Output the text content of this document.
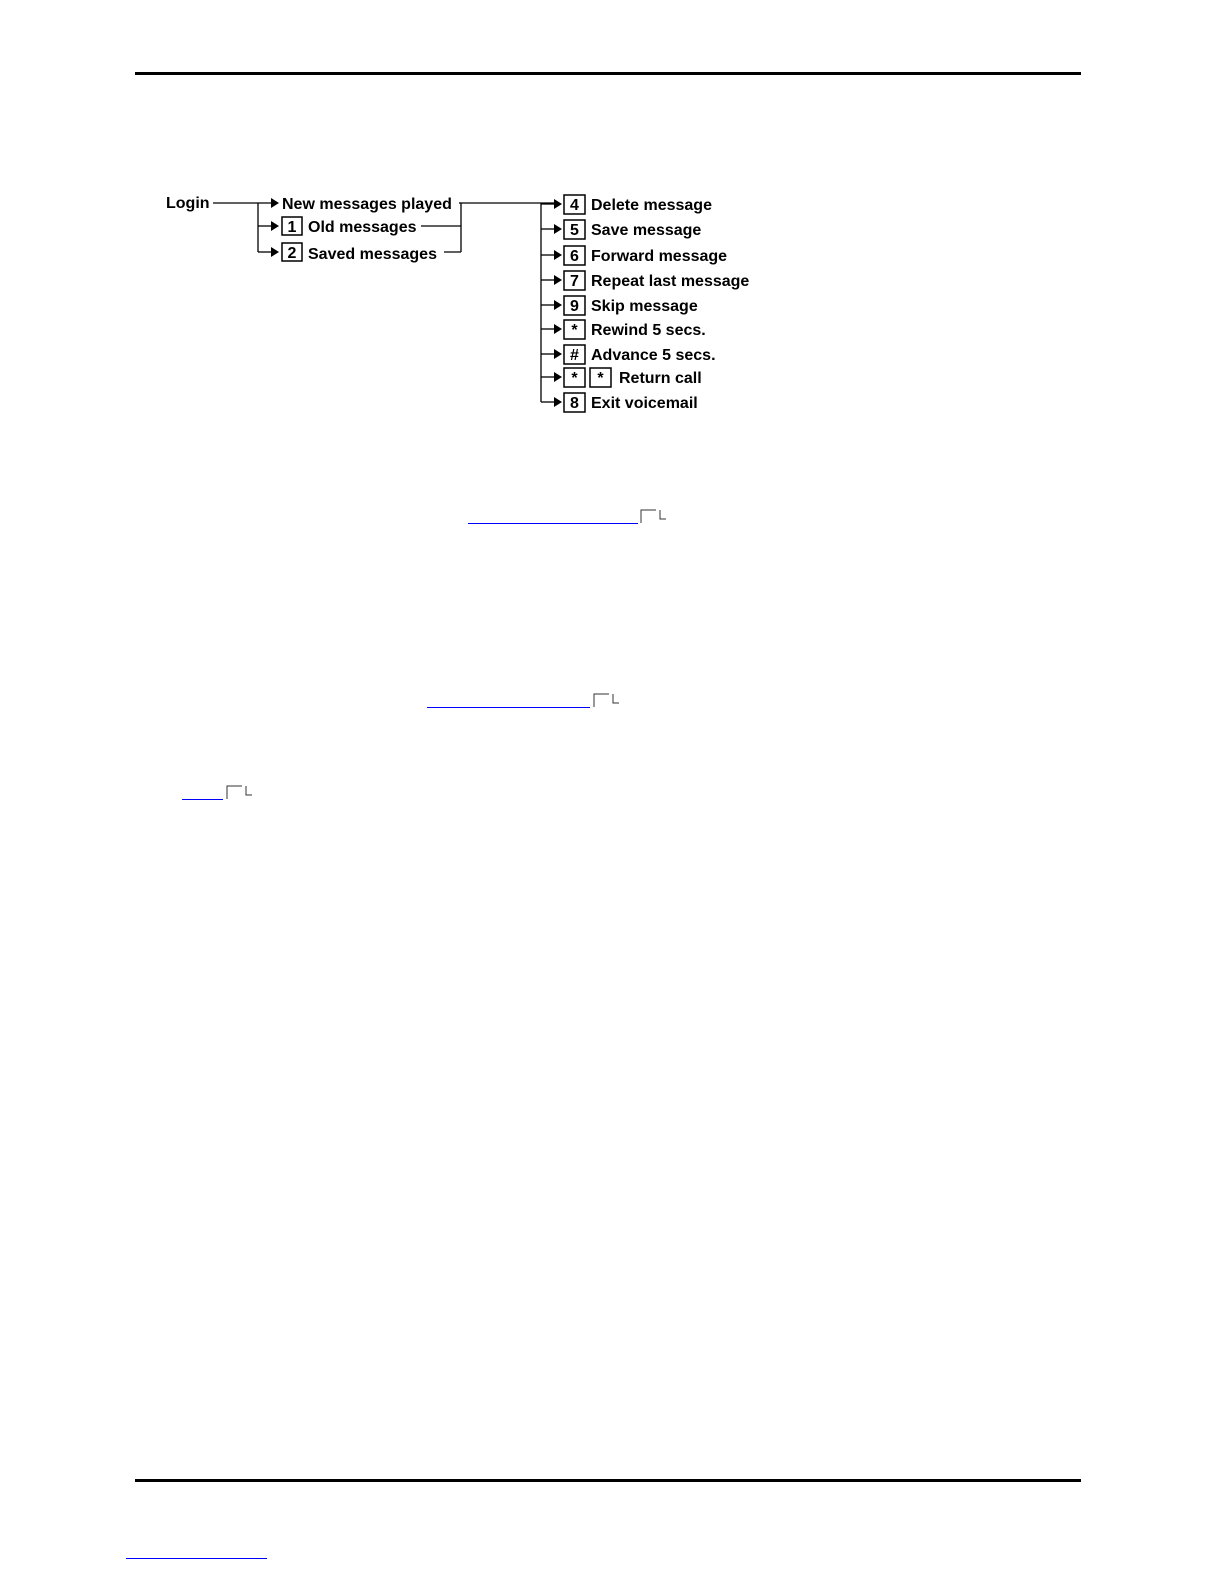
Login	New messages played
1 Old messages
2 Saved messages
4 Delete message
5 Save message
6 Forward message
7 Repeat last message
9 Skip message
* Rewind 5 secs.
# Advance 5 secs.
* * Return call
8 Exit voicemail
